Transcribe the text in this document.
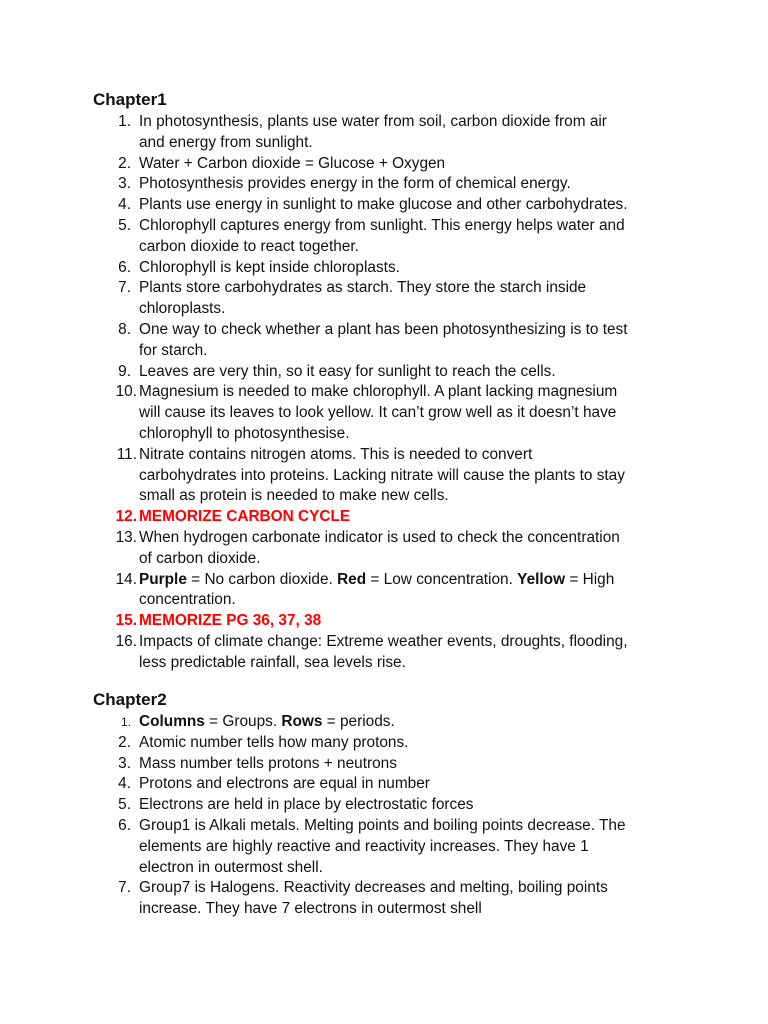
Chapter1
1. In photosynthesis, plants use water from soil, carbon dioxide from air
and energy from sunlight.
2. Water + Carbon dioxide = Glucose + Oxygen
3. Photosynthesis provides energy in the form of chemical energy.
4. Plants use energy in sunlight to make glucose and other carbohydrates.
5. Chlorophyll captures energy from sunlight. This energy helps water and
carbon dioxide to react together.
6. Chlorophyll is kept inside chloroplasts.
7. Plants store carbohydrates as starch. They store the starch inside
chloroplasts.
8. One way to check whether a plant has been photosynthesizing is to test
for starch.
9. Leaves are very thin, so it easy for sunlight to reach the cells.
10. Magnesium is needed to make chlorophyll. A plant lacking magnesium
will cause its leaves to look yellow. It can’t grow well as it doesn’t have
chlorophyll to photosynthesise.
11. Nitrate contains nitrogen atoms. This is needed to convert
carbohydrates into proteins. Lacking nitrate will cause the plants to stay
small as protein is needed to make new cells.
12. MEMORIZE CARBON CYCLE
13. When hydrogen carbonate indicator is used to check the concentration
of carbon dioxide.
14. Purple = No carbon dioxide. Red = Low concentration. Yellow = High
concentration.
15. MEMORIZE PG 36, 37, 38
16. Impacts of climate change: Extreme weather events, droughts, flooding,
less predictable rainfall, sea levels rise.
Chapter2
1. Columns = Groups. Rows = periods.
2. Atomic number tells how many protons.
3. Mass number tells protons + neutrons
4. Protons and electrons are equal in number
5. Electrons are held in place by electrostatic forces
6. Group1 is Alkali metals. Melting points and boiling points decrease. The
elements are highly reactive and reactivity increases. They have 1
electron in outermost shell.
7. Group7 is Halogens. Reactivity decreases and melting, boiling points
increase. They have 7 electrons in outermost shell
